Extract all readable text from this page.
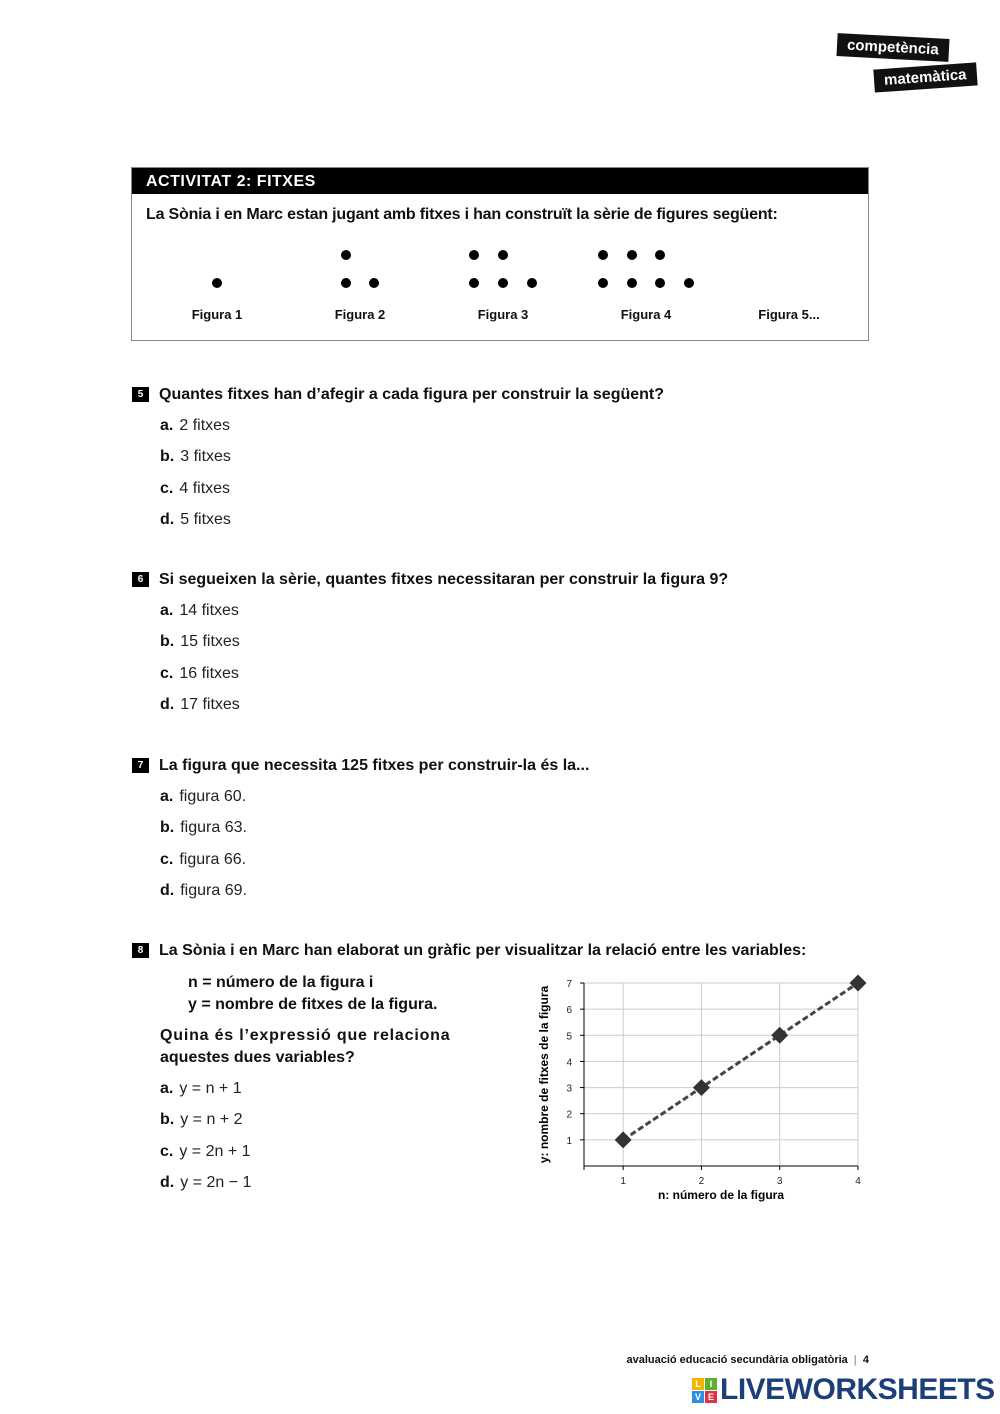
competència
matemàtica
ACTIVITAT 2: FITXES
La Sònia i en Marc estan jugant amb fitxes i han construït la sèrie de figures següent:
Figura 1	Figura 2	Figura 3	Figura 4	Figura 5...
5 Quantes fitxes han d’afegir a cada figura per construir la següent?
a. 2 fitxes
b. 3 fitxes
c. 4 fitxes
d. 5 fitxes
6 Si segueixen la sèrie, quantes fitxes necessitaran per construir la figura 9?
a. 14 fitxes
b. 15 fitxes
c. 16 fitxes
d. 17 fitxes
7 La figura que necessita 125 fitxes per construir-la és la...
a. figura 60.
b. figura 63.
c. figura 66.
d. figura 69.
8 La Sònia i en Marc han elaborat un gràfic per visualitzar la relació entre les variables:
a. y = n + 1
b. y = n + 2
c. y = 2n + 1
d. y = 2n − 1
n = número de la figura i
y = nombre de fitxes de la figura.
Quina és l’expressió que relaciona
aquestes dues variables?
1
2
3
4
5
6
7
1	2	3	4
n: número de la figura
y: nombre de fitxes de la figura
avaluació educació secundària obligatòria | 4
L I
V E LIVEWORKSHEETS
